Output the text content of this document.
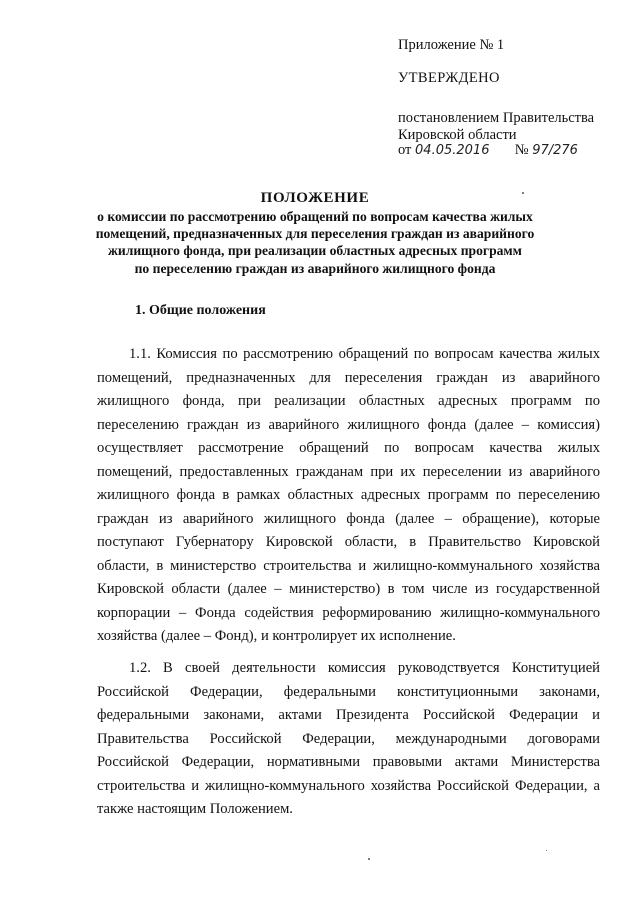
Приложение № 1
УТВЕРЖДЕНО
постановлением Правительства
Кировской области
от 04.05.2016 № 97/276
ПОЛОЖЕНИЕ
о комиссии по рассмотрению обращений по вопросам качества жилых
помещений, предназначенных для переселения граждан из аварийного
жилищного фонда, при реализации областных адресных программ
по переселению граждан из аварийного жилищного фонда
1. Общие положения

1.1. Комиссия по рассмотрению обращений по вопросам качества жилых помещений, предназначенных для переселения граждан из аварийного жилищного фонда, при реализации областных адресных программ по переселению граждан из аварийного жилищного фонда (далее – комиссия) осуществляет рассмотрение обращений по вопросам качества жилых помещений, предоставленных гражданам при их переселении из аварийного жилищного фонда в рамках областных адресных программ по переселению граждан из аварийного жилищного фонда (далее – обращение), которые поступают Губернатору Кировской области, в Правительство Кировской области, в министерство строительства и жилищно-коммунального хозяйства Кировской области (далее – министерство) в том числе из государственной корпорации – Фонда содействия реформированию жилищно-коммунального хозяйства (далее – Фонд), и контролирует их исполнение.

1.2. В своей деятельности комиссия руководствуется Конституцией Российской Федерации, федеральными конституционными законами, федеральными законами, актами Президента Российской Федерации и Правительства Российской Федерации, международными договорами Российской Федерации, нормативными правовыми актами Министерства строительства и жилищно-коммунального хозяйства Российской Федерации, а также настоящим Положением.
